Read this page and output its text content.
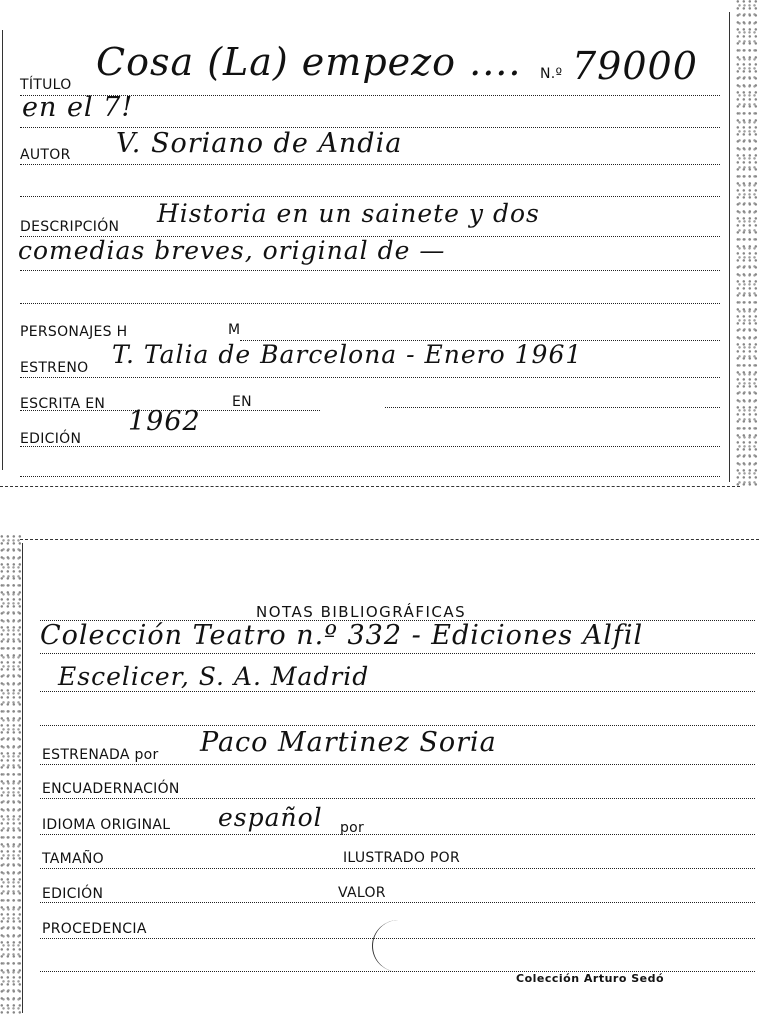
TÍTULO
Cosa (La) empezo .... N.º 79000
en el 7!
AUTOR V. Soriano de Andia
DESCRIPCIÓN Historia en un sainete y dos
comedias breves, original de —
PERSONAJES H	M
ESTRENO T. Talia de Barcelona - Enero 1961
ESCRITA EN	EN
EDICIÓN
1962
NOTAS BIBLIOGRÁFICAS
Colección Teatro n.º 332 - Ediciones Alfil
Escelicer, S. A. Madrid
ESTRENADA por Paco Martinez Soria
ENCUADERNACIÓN
IDIOMA ORIGINAL español por
TAMAÑO	ILUSTRADO POR
EDICIÓN	VALOR
PROCEDENCIA
Colección Arturo Sedó
